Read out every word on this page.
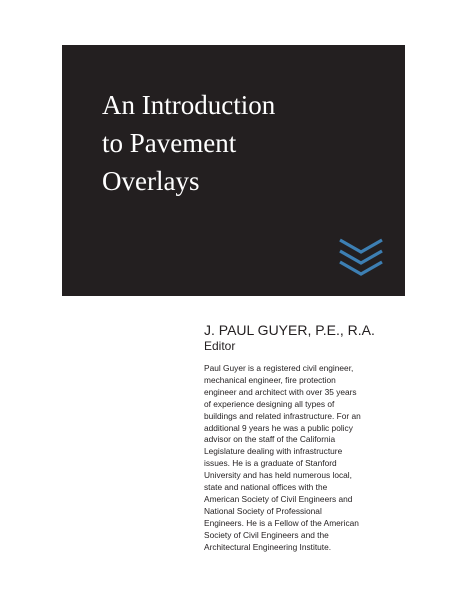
An Introduction
to Pavement
Overlays

J. PAUL GUYER, P.E., R.A.

Editor

Paul Guyer is a registered civil engineer,
mechanical engineer, fire protection
engineer and architect with over 35 years
of experience designing all types of
buildings and related infrastructure. For an
additional 9 years he was a public policy
advisor on the staff of the California
Legislature dealing with infrastructure
issues. He is a graduate of Stanford
University and has held numerous local,
state and national offices with the
American Society of Civil Engineers and
National Society of Professional
Engineers. He is a Fellow of the American
Society of Civil Engineers and the
Architectural Engineering Institute.
